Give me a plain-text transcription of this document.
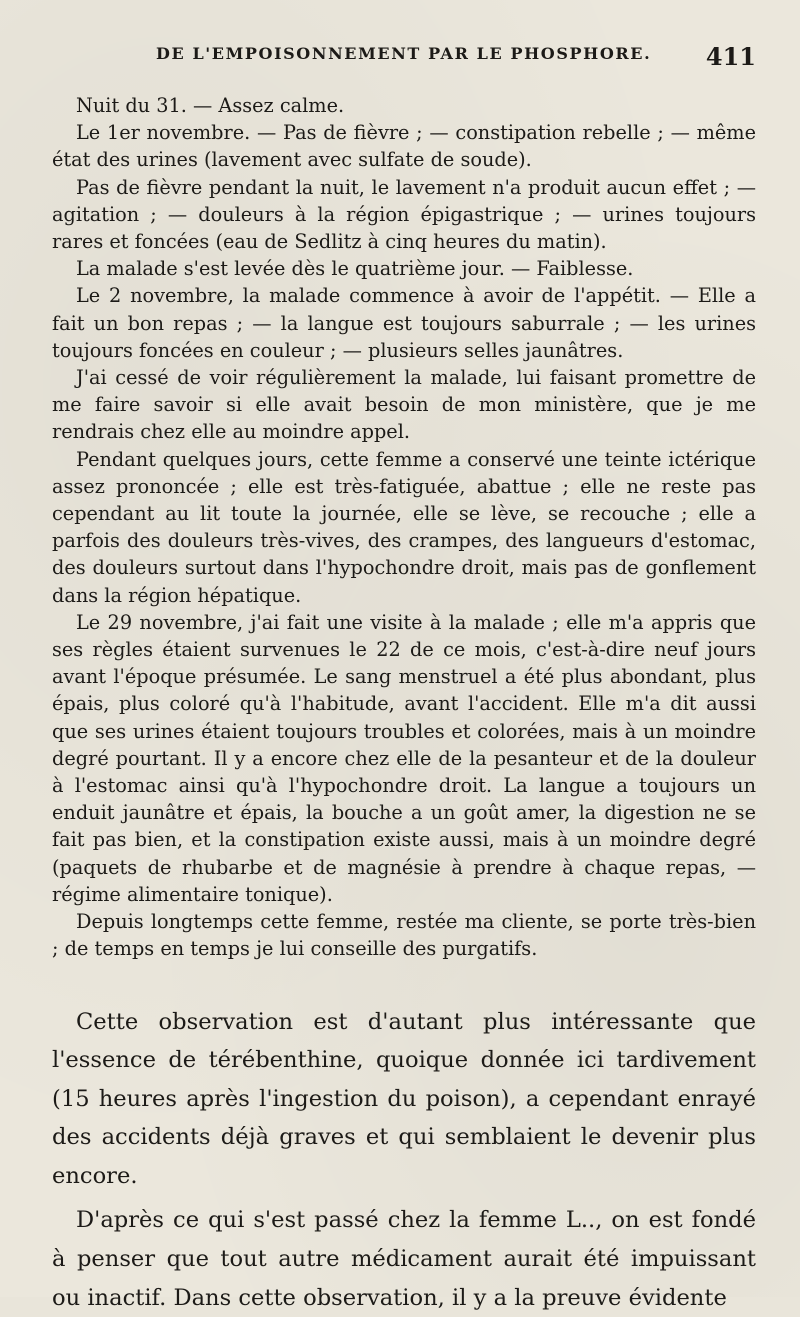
DE L'EMPOISONNEMENT PAR LE PHOSPHORE. 411

Nuit du 31. — Assez calme.

Le 1er novembre. — Pas de fièvre ; — constipation rebelle ; — même état des urines (lavement avec sulfate de soude).

Pas de fièvre pendant la nuit, le lavement n'a produit aucun effet ; — agitation ; — douleurs à la région épigastrique ; — urines toujours rares et foncées (eau de Sedlitz à cinq heures du matin).

La malade s'est levée dès le quatrième jour. — Faiblesse.

Le 2 novembre, la malade commence à avoir de l'appétit. — Elle a fait un bon repas ; — la langue est toujours saburrale ; — les urines toujours foncées en couleur ; — plusieurs selles jaunâtres.

J'ai cessé de voir régulièrement la malade, lui faisant promettre de me faire savoir si elle avait besoin de mon ministère, que je me rendrais chez elle au moindre appel.

Pendant quelques jours, cette femme a conservé une teinte ictérique assez prononcée ; elle est très-fatiguée, abattue ; elle ne reste pas cependant au lit toute la journée, elle se lève, se recouche ; elle a parfois des douleurs très-vives, des crampes, des langueurs d'estomac, des douleurs surtout dans l'hypochondre droit, mais pas de gonflement dans la région hépatique.

Le 29 novembre, j'ai fait une visite à la malade ; elle m'a appris que ses règles étaient survenues le 22 de ce mois, c'est-à-dire neuf jours avant l'époque présumée. Le sang menstruel a été plus abondant, plus épais, plus coloré qu'à l'habitude, avant l'accident. Elle m'a dit aussi que ses urines étaient toujours troubles et colorées, mais à un moindre degré pourtant. Il y a encore chez elle de la pesanteur et de la douleur à l'estomac ainsi qu'à l'hypochondre droit. La langue a toujours un enduit jaunâtre et épais, la bouche a un goût amer, la digestion ne se fait pas bien, et la constipation existe aussi, mais à un moindre degré (paquets de rhubarbe et de magnésie à prendre à chaque repas, — régime alimentaire tonique).

Depuis longtemps cette femme, restée ma cliente, se porte très-bien ; de temps en temps je lui conseille des purgatifs.

Cette observation est d'autant plus intéressante que l'essence de térébenthine, quoique donnée ici tardivement (15 heures après l'ingestion du poison), a cependant enrayé des accidents déjà graves et qui semblaient le devenir plus encore.

D'après ce qui s'est passé chez la femme L.., on est fondé à penser que tout autre médicament aurait été impuissant ou inactif. Dans cette observation, il y a la preuve évidente
